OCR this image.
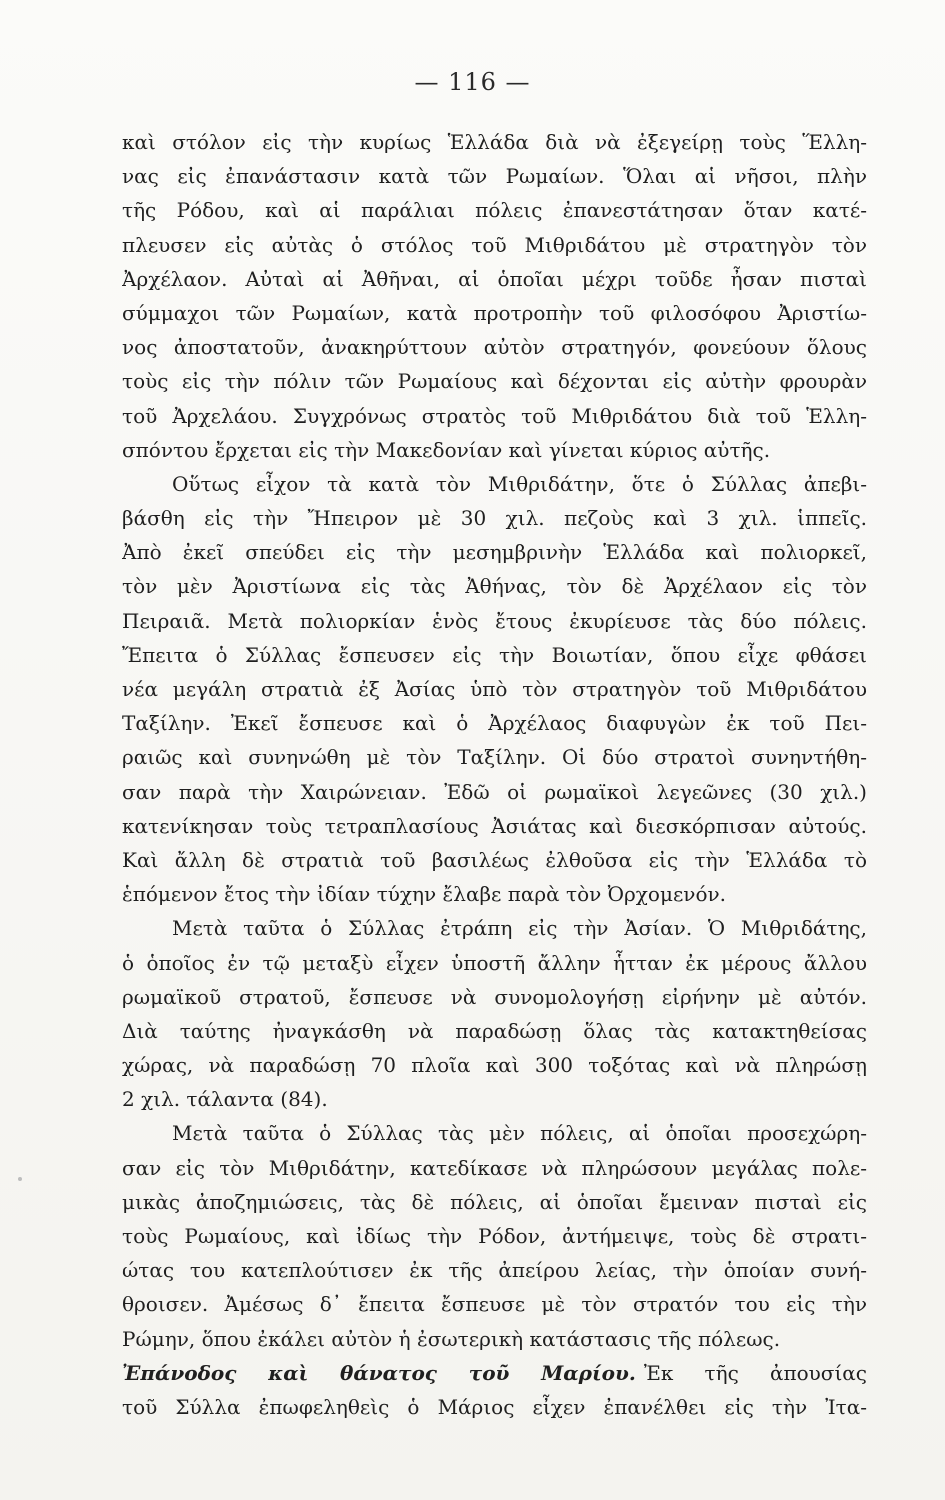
— 116 —
καὶ στόλον εἰς τὴν κυρίως Ἑλλάδα διὰ νὰ ἐξεγείρῃ τοὺς Ἕλλη-
νας εἰς ἐπανάστασιν κατὰ τῶν Ρωμαίων. Ὅλαι αἱ νῆσοι, πλὴν
τῆς Ρόδου, καὶ αἱ παράλιαι πόλεις ἐπανεστάτησαν ὅταν κατέ-
πλευσεν εἰς αὐτὰς ὁ στόλος τοῦ Μιθριδάτου μὲ στρατηγὸν τὸν
Ἀρχέλαον. Αὐταὶ αἱ Ἀθῆναι, αἱ ὁποῖαι μέχρι τοῦδε ἦσαν πισταὶ
σύμμαχοι τῶν Ρωμαίων, κατὰ προτροπὴν τοῦ φιλοσόφου Ἀριστίω-
νος ἀποστατοῦν, ἀνακηρύττουν αὐτὸν στρατηγόν, φονεύουν ὅλους
τοὺς εἰς τὴν πόλιν τῶν Ρωμαίους καὶ δέχονται εἰς αὐτὴν φρουρὰν
τοῦ Ἀρχελάου. Συγχρόνως στρατὸς τοῦ Μιθριδάτου διὰ τοῦ Ἑλλη-
σπόντου ἔρχεται εἰς τὴν Μακεδονίαν καὶ γίνεται κύριος αὐτῆς.
Οὕτως εἶχον τὰ κατὰ τὸν Μιθριδάτην, ὅτε ὁ Σύλλας ἀπεβι-
βάσθη εἰς τὴν Ἤπειρον μὲ 30 χιλ. πεζοὺς καὶ 3 χιλ. ἱππεῖς.
Ἀπὸ ἐκεῖ σπεύδει εἰς τὴν μεσημβρινὴν Ἑλλάδα καὶ πολιορκεῖ,
τὸν μὲν Ἀριστίωνα εἰς τὰς Ἀθήνας, τὸν δὲ Ἀρχέλαον εἰς τὸν
Πειραιᾶ. Μετὰ πολιορκίαν ἑνὸς ἔτους ἐκυρίευσε τὰς δύο πόλεις.
Ἔπειτα ὁ Σύλλας ἔσπευσεν εἰς τὴν Βοιωτίαν, ὅπου εἶχε φθάσει
νέα μεγάλη στρατιὰ ἐξ Ἀσίας ὑπὸ τὸν στρατηγὸν τοῦ Μιθριδάτου
Ταξίλην. Ἐκεῖ ἔσπευσε καὶ ὁ Ἀρχέλαος διαφυγὼν ἐκ τοῦ Πει-
ραιῶς καὶ συνηνώθη μὲ τὸν Ταξίλην. Οἱ δύο στρατοὶ συνηντήθη-
σαν παρὰ τὴν Χαιρώνειαν. Ἐδῶ οἱ ρωμαϊκοὶ λεγεῶνες (30 χιλ.)
κατενίκησαν τοὺς τετραπλασίους Ἀσιάτας καὶ διεσκόρπισαν αὐτούς.
Καὶ ἄλλη δὲ στρατιὰ τοῦ βασιλέως ἐλθοῦσα εἰς τὴν Ἑλλάδα τὸ
ἑπόμενον ἔτος τὴν ἰδίαν τύχην ἔλαβε παρὰ τὸν Ὀρχομενόν.
Μετὰ ταῦτα ὁ Σύλλας ἐτράπη εἰς τὴν Ἀσίαν. Ὁ Μιθριδάτης,
ὁ ὁποῖος ἐν τῷ μεταξὺ εἶχεν ὑποστῆ ἄλλην ἧτταν ἐκ μέρους ἄλλου
ρωμαϊκοῦ στρατοῦ, ἔσπευσε νὰ συνομολογήσῃ εἰρήνην μὲ αὐτόν.
Διὰ ταύτης ἠναγκάσθη νὰ παραδώσῃ ὅλας τὰς κατακτηθείσας
χώρας, νὰ παραδώσῃ 70 πλοῖα καὶ 300 τοξότας καὶ νὰ πληρώσῃ
2 χιλ. τάλαντα (84).
Μετὰ ταῦτα ὁ Σύλλας τὰς μὲν πόλεις, αἱ ὁποῖαι προσεχώρη-
σαν εἰς τὸν Μιθριδάτην, κατεδίκασε νὰ πληρώσουν μεγάλας πολε-
μικὰς ἀποζημιώσεις, τὰς δὲ πόλεις, αἱ ὁποῖαι ἔμειναν πισταὶ εἰς
τοὺς Ρωμαίους, καὶ ἰδίως τὴν Ρόδον, ἀντήμειψε, τοὺς δὲ στρατι-
ώτας του κατεπλούτισεν ἐκ τῆς ἀπείρου λείας, τὴν ὁποίαν συνή-
θροισεν. Ἀμέσως δ᾿ ἔπειτα ἔσπευσε μὲ τὸν στρατόν του εἰς τὴν
Ρώμην, ὅπου ἐκάλει αὐτὸν ἡ ἐσωτερικὴ κατάστασις τῆς πόλεως.
Ἐπάνοδος καὶ θάνατος τοῦ Μαρίου. Ἐκ τῆς ἀπουσίας
τοῦ Σύλλα ἐπωφεληθεὶς ὁ Μάριος εἶχεν ἐπανέλθει εἰς τὴν Ἰτα-
